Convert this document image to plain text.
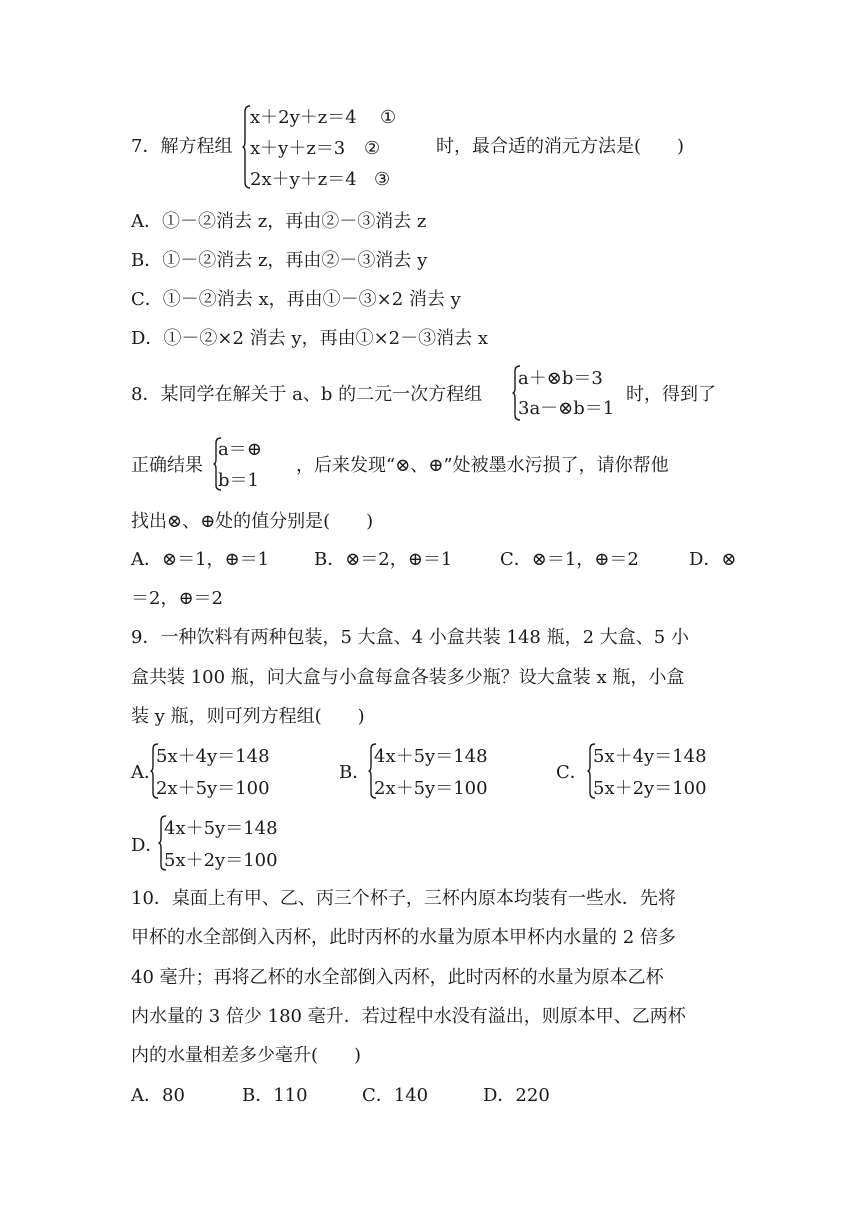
7．解方程组
x＋2y＋z＝4 ①
x＋y＋z＝3 ②
2x＋y＋z＝4 ③
时，最合适的消元方法是(　　)
A．①－②消去 z，再由②－③消去 z
B．①－②消去 z，再由②－③消去 y
C．①－②消去 x，再由①－③×2 消去 y
D．①－②×2 消去 y，再由①×2－③消去 x
8．某同学在解关于 a、b 的二元一次方程组
a＋⊗b＝3
3a－⊗b＝1
时，得到了
正确结果
a＝⊕
b＝1
，后来发现“⊗、⊕”处被墨水污损了，请你帮他
找出⊗、⊕处的值分别是(　　)
A．⊗＝1，⊕＝1 B．⊗＝2，⊕＝1	C．⊗＝1，⊕＝2	D．⊗
＝2，⊕＝2
9．一种饮料有两种包装，5 大盒、4 小盒共装 148 瓶，2 大盒、5 小
盒共装 100 瓶，问大盒与小盒每盒各装多少瓶？设大盒装 x 瓶，小盒
装 y 瓶，则可列方程组(　　)
A．
5x＋4y＝148
2x＋5y＝100
B．
4x＋5y＝148
2x＋5y＝100
C．
5x＋4y＝148
5x＋2y＝100
D．
4x＋5y＝148
5x＋2y＝100
10．桌面上有甲、乙、丙三个杯子，三杯内原本均装有一些水．先将
甲杯的水全部倒入丙杯，此时丙杯的水量为原本甲杯内水量的 2 倍多
40 毫升；再将乙杯的水全部倒入丙杯，此时丙杯的水量为原本乙杯
内水量的 3 倍少 180 毫升．若过程中水没有溢出，则原本甲、乙两杯
内的水量相差多少毫升(　　)
A．80	B．110	C．140	D．220
